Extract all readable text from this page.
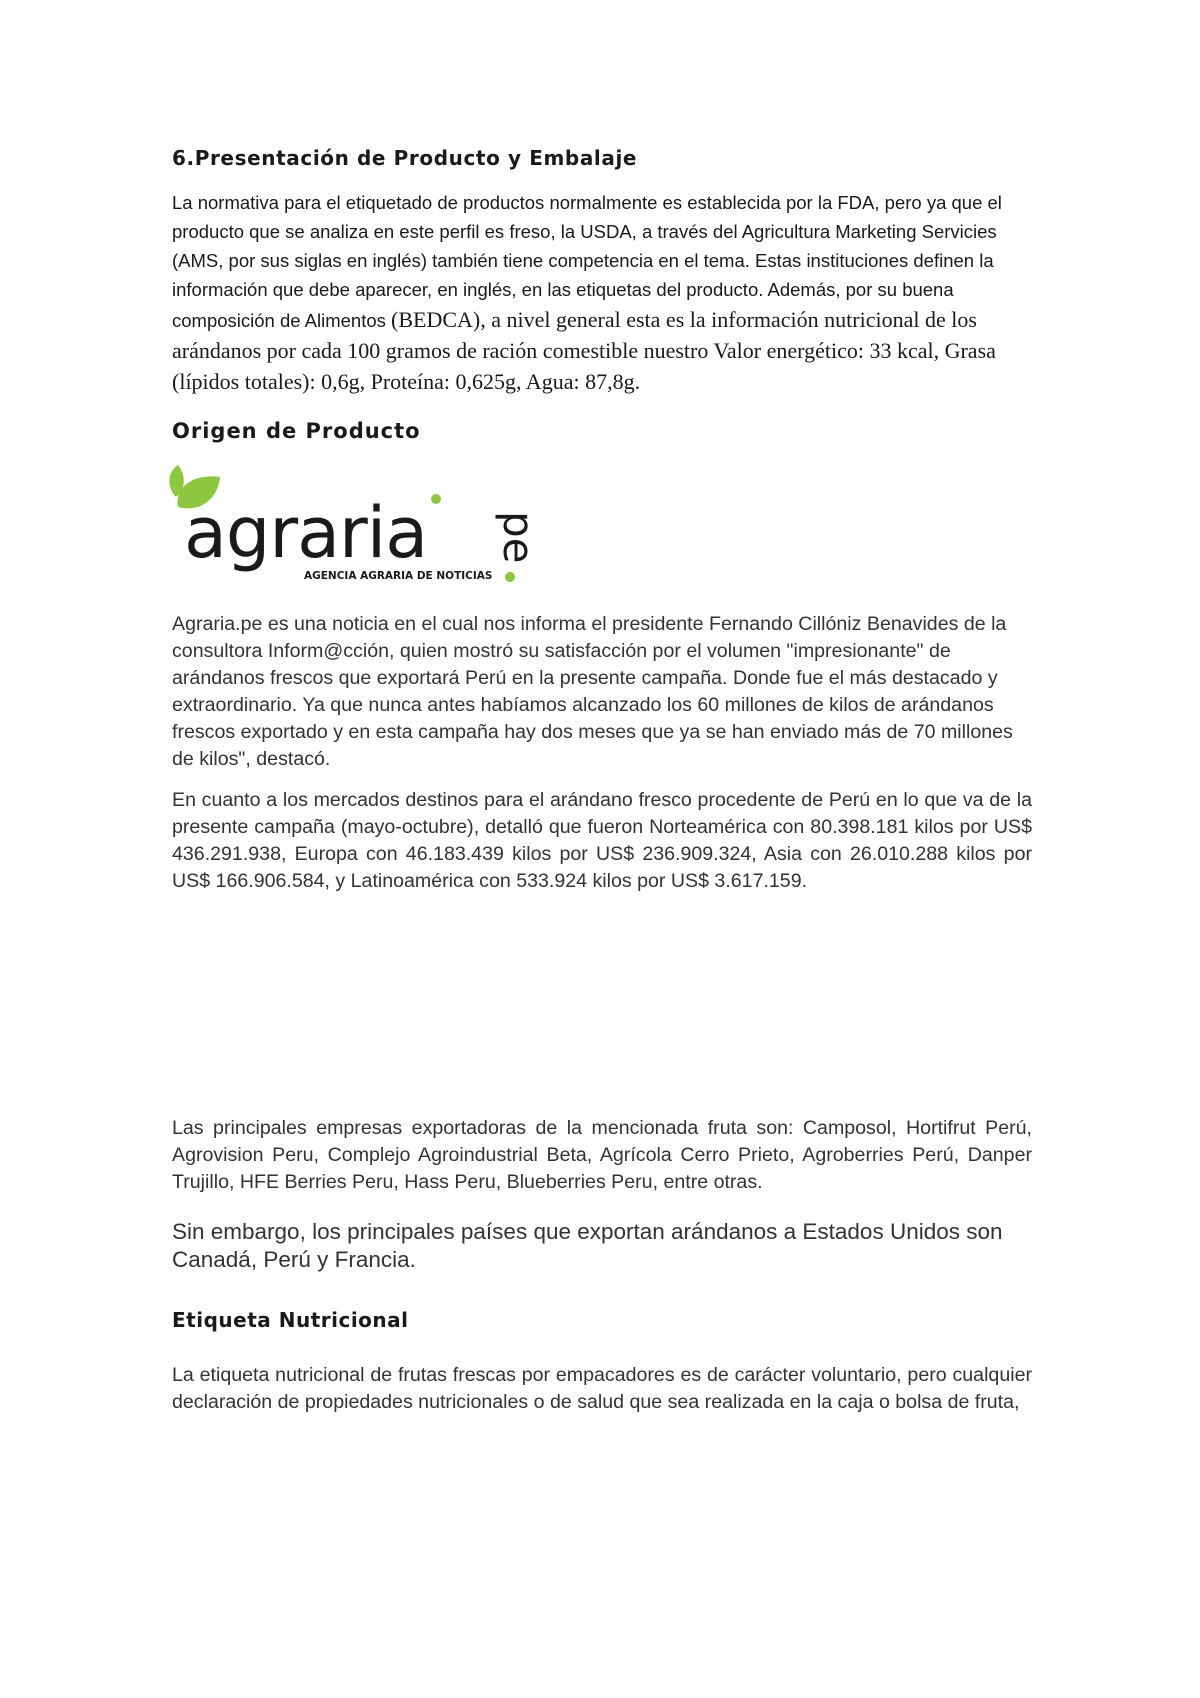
6.Presentación de Producto y Embalaje

La normativa para el etiquetado de productos normalmente es establecida por la FDA, pero ya que el producto que se analiza en este perfil es freso, la USDA, a través del Agricultura Marketing Servicies (AMS, por sus siglas en inglés) también tiene competencia en el tema. Estas instituciones definen la información que debe aparecer, en inglés, en las etiquetas del producto. Además, por su buena composición de Alimentos (BEDCA), a nivel general esta es la información nutricional de los arándanos por cada 100 gramos de ración comestible nuestro Valor energético: 33 kcal, Grasa (lípidos totales): 0,6g, Proteína: 0,625g, Agua: 87,8g.

Origen de Producto
agraria pe
AGENCIA AGRARIA DE NOTICIAS

Agraria.pe es una noticia en el cual nos informa el presidente Fernando Cillóniz Benavides de la consultora Inform@cción, quien mostró su satisfacción por el volumen "impresionante" de arándanos frescos que exportará Perú en la presente campaña. Donde fue el más destacado y extraordinario. Ya que nunca antes habíamos alcanzado los 60 millones de kilos de arándanos frescos exportado y en esta campaña hay dos meses que ya se han enviado más de 70 millones de kilos", destacó.

En cuanto a los mercados destinos para el arándano fresco procedente de Perú en lo que va de la presente campaña (mayo-octubre), detalló que fueron Norteamérica con 80.398.181 kilos por US$ 436.291.938, Europa con 46.183.439 kilos por US$ 236.909.324, Asia con 26.010.288 kilos por US$ 166.906.584, y Latinoamérica con 533.924 kilos por US$ 3.617.159.

Las principales empresas exportadoras de la mencionada fruta son: Camposol, Hortifrut Perú, Agrovision Peru, Complejo Agroindustrial Beta, Agrícola Cerro Prieto, Agroberries Perú, Danper Trujillo, HFE Berries Peru, Hass Peru, Blueberries Peru, entre otras.

Sin embargo, los principales países que exportan arándanos a Estados Unidos son Canadá, Perú y Francia.

Etiqueta Nutricional

La etiqueta nutricional de frutas frescas por empacadores es de carácter voluntario, pero cualquier declaración de propiedades nutricionales o de salud que sea realizada en la caja o bolsa de fruta,
